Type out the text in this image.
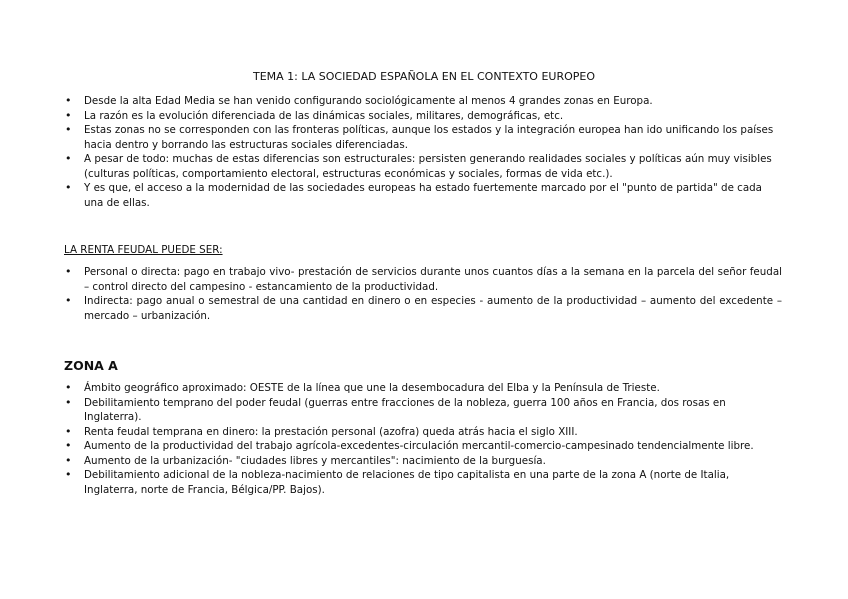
TEMA 1: LA SOCIEDAD ESPAÑOLA EN EL CONTEXTO EUROPEO
• Desde la alta Edad Media se han venido configurando sociológicamente al menos 4 grandes zonas en Europa.
• La razón es la evolución diferenciada de las dinámicas sociales, militares, demográficas, etc.
• Estas zonas no se corresponden con las fronteras políticas, aunque los estados y la integración europea han ido unificando los países hacia dentro y borrando las estructuras sociales diferenciadas.
• A pesar de todo: muchas de estas diferencias son estructurales: persisten generando realidades sociales y políticas aún muy visibles (culturas políticas, comportamiento electoral, estructuras económicas y sociales, formas de vida etc.).
• Y es que, el acceso a la modernidad de las sociedades europeas ha estado fuertemente marcado por el "punto de partida" de cada una de ellas.
LA RENTA FEUDAL PUEDE SER:
• Personal o directa: pago en trabajo vivo- prestación de servicios durante unos cuantos días a la semana en la parcela del señor feudal – control directo del campesino - estancamiento de la productividad.
• Indirecta: pago anual o semestral de una cantidad en dinero o en especies - aumento de la productividad – aumento del excedente – mercado – urbanización.
ZONA A
• Ámbito geográfico aproximado: OESTE de la línea que une la desembocadura del Elba y la Península de Trieste.
• Debilitamiento temprano del poder feudal (guerras entre fracciones de la nobleza, guerra 100 años en Francia, dos rosas en Inglaterra).
• Renta feudal temprana en dinero: la prestación personal (azofra) queda atrás hacia el siglo XIII.
• Aumento de la productividad del trabajo agrícola-excedentes-circulación mercantil-comercio-campesinado tendencialmente libre.
• Aumento de la urbanización- "ciudades libres y mercantiles": nacimiento de la burguesía.
• Debilitamiento adicional de la nobleza-nacimiento de relaciones de tipo capitalista en una parte de la zona A (norte de Italia, Inglaterra, norte de Francia, Bélgica/PP. Bajos).
